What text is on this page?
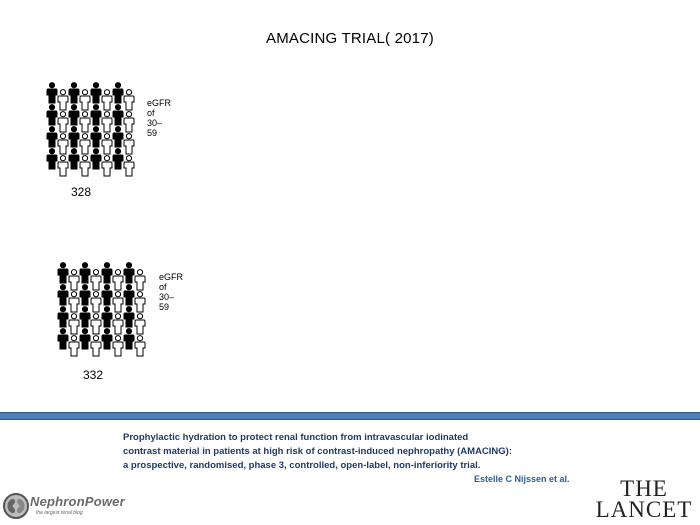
AMACING TRIAL( 2017)
eGFR of 30–59
328
eGFR of 30–59
332
Prophylactic hydration to protect renal function from intravascular iodinated
contrast material in patients at high risk of contrast-induced nephropathy (AMACING):
a prospective, randomised, phase 3, controlled, open-label, non-inferiority trial.
Estelle C Nijssen et al.
NephronPower
the largest renal blog
THE LANCET
